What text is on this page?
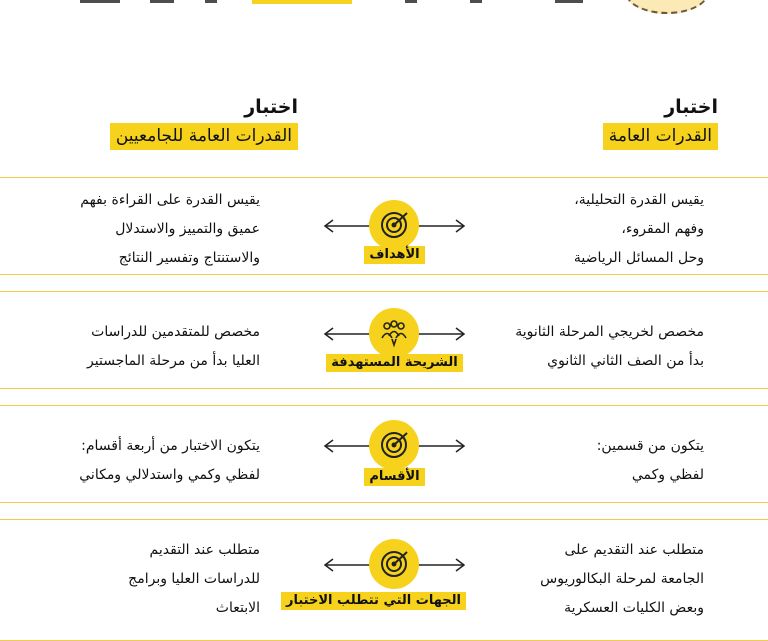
اختبار
القدرات العامة
اختبار
القدرات العامة للجامعيين
يقيس القدرة التحليلية،
وفهم المقروء،
وحل المسائل الرياضية
الأهداف
يقيس القدرة على القراءة بفهم
عميق والتمييز والاستدلال
والاستنتاج وتفسير النتائج
مخصص لخريجي المرحلة الثانوية
بدأ من الصف الثاني الثانوي
الشريحة المستهدفة
مخصص للمتقدمين للدراسات
العليا بدأ من مرحلة الماجستير
يتكون من قسمين:
لفظي وكمي
الأقسام
يتكون الاختبار من أربعة أقسام:
لفظي وكمي واستدلالي ومكاني
متطلب عند التقديم على
الجامعة لمرحلة البكالوريوس
وبعض الكليات العسكرية
الجهات التي تتطلب الاختبار
متطلب عند التقديم
للدراسات العليا وبرامج
الابتعاث
